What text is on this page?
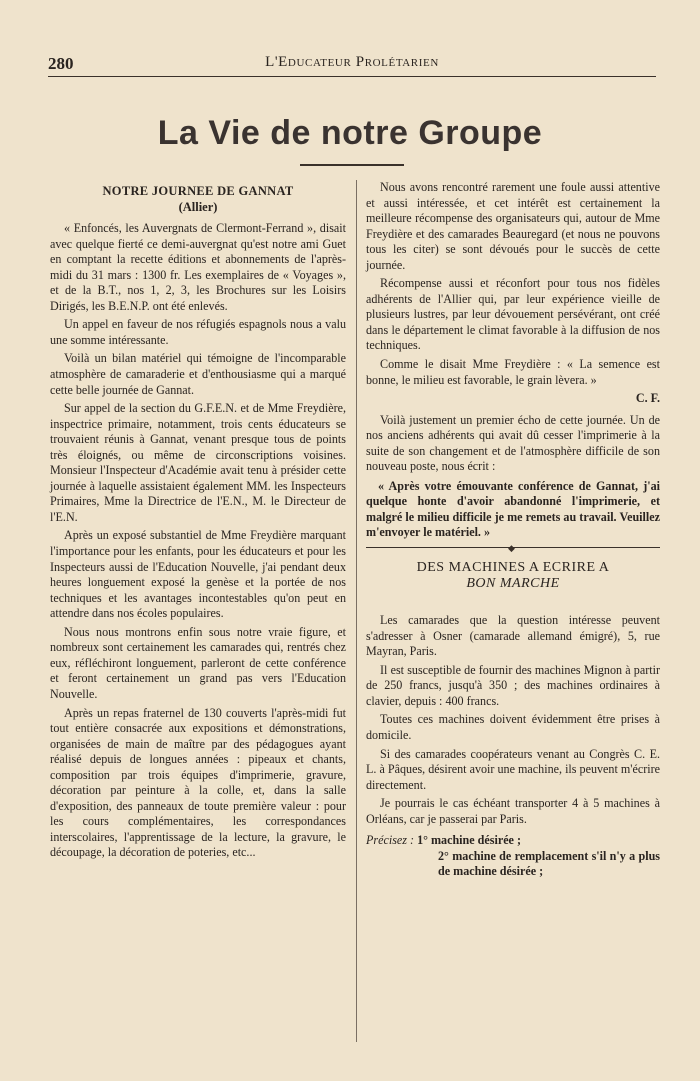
280	L'Educateur Prolétarien
La Vie de notre Groupe
NOTRE JOURNEE DE GANNAT
(Allier)

« Enfoncés, les Auvergnats de Clermont-Ferrand », disait avec quelque fierté ce demi-auvergnat qu'est notre ami Guet en comptant la recette éditions et abonnements de l'après-midi du 31 mars : 1300 fr. Les exemplaires de « Voyages », et de la B.T., nos 1, 2, 3, les Brochures sur les Loisirs Dirigés, les B.E.N.P. ont été enlevés.

Un appel en faveur de nos réfugiés espagnols nous a valu une somme intéressante.

Voilà un bilan matériel qui témoigne de l'incomparable atmosphère de camaraderie et d'enthousiasme qui a marqué cette belle journée de Gannat.

Sur appel de la section du G.F.E.N. et de Mme Freydière, inspectrice primaire, notamment, trois cents éducateurs se trouvaient réunis à Gannat, venant presque tous de points très éloignés, ou même de circonscriptions voisines. Monsieur l'Inspecteur d'Académie avait tenu à présider cette journée à laquelle assistaient également MM. les Inspecteurs Primaires, Mme la Directrice de l'E.N., M. le Directeur de l'E.N.

Après un exposé substantiel de Mme Freydière marquant l'importance pour les enfants, pour les éducateurs et pour les Inspecteurs aussi de l'Education Nouvelle, j'ai pendant deux heures longuement exposé la genèse et la portée de nos techniques et les avantages incontestables qu'on peut en attendre dans nos écoles populaires.

Nous nous montrons enfin sous notre vraie figure, et nombreux sont certainement les camarades qui, rentrés chez eux, réfléchiront longuement, parleront de cette conférence et feront certainement un grand pas vers l'Education Nouvelle.

Après un repas fraternel de 130 couverts l'après-midi fut tout entière consacrée aux expositions et démonstrations, organisées de main de maître par des pédagogues ayant réalisé depuis de longues années : pipeaux et chants, composition par trois équipes d'imprimerie, gravure, décoration par peinture à la colle, et, dans la salle d'exposition, des panneaux de toute première valeur : pour les cours complémentaires, les correspondances interscolaires, l'apprentissage de la lecture, la gravure, le découpage, la décoration de poteries, etc...

Nous avons rencontré rarement une foule aussi attentive et aussi intéressée, et cet intérêt est certainement la meilleure récompense des organisateurs qui, autour de Mme Freydière et des camarades Beauregard (et nous ne pouvons tous les citer) se sont dévoués pour le succès de cette journée.

Récompense aussi et réconfort pour tous nos fidèles adhérents de l'Allier qui, par leur expérience vieille de plusieurs lustres, par leur dévouement persévérant, ont créé dans le département le climat favorable à la diffusion de nos techniques.

Comme le disait Mme Freydière : « La semence est bonne, le milieu est favorable, le grain lèvera. »

C. F.

Voilà justement un premier écho de cette journée. Un de nos anciens adhérents qui avait dû cesser l'imprimerie à la suite de son changement et de l'atmosphère difficile de son nouveau poste, nous écrit :

« Après votre émouvante conférence de Gannat, j'ai quelque honte d'avoir abandonné l'imprimerie, et malgré le milieu difficile je me remets au travail. Veuillez m'envoyer le matériel. »

◆
DES MACHINES A ECRIRE A
BON MARCHE

Les camarades que la question intéresse peuvent s'adresser à Osner (camarade allemand émigré), 5, rue Mayran, Paris.

Il est susceptible de fournir des machines Mignon à partir de 250 francs, jusqu'à 350 ; des machines ordinaires à clavier, depuis : 400 francs.

Toutes ces machines doivent évidemment être prises à domicile.

Si des camarades coopérateurs venant au Congrès C. E. L. à Pâques, désirent avoir une machine, ils peuvent m'écrire directement.

Je pourrais le cas échéant transporter 4 à 5 machines à Orléans, car je passerai par Paris.

Précisez : 1° machine désirée ;

2° machine de remplacement s'il n'y a plus de machine désirée ;
